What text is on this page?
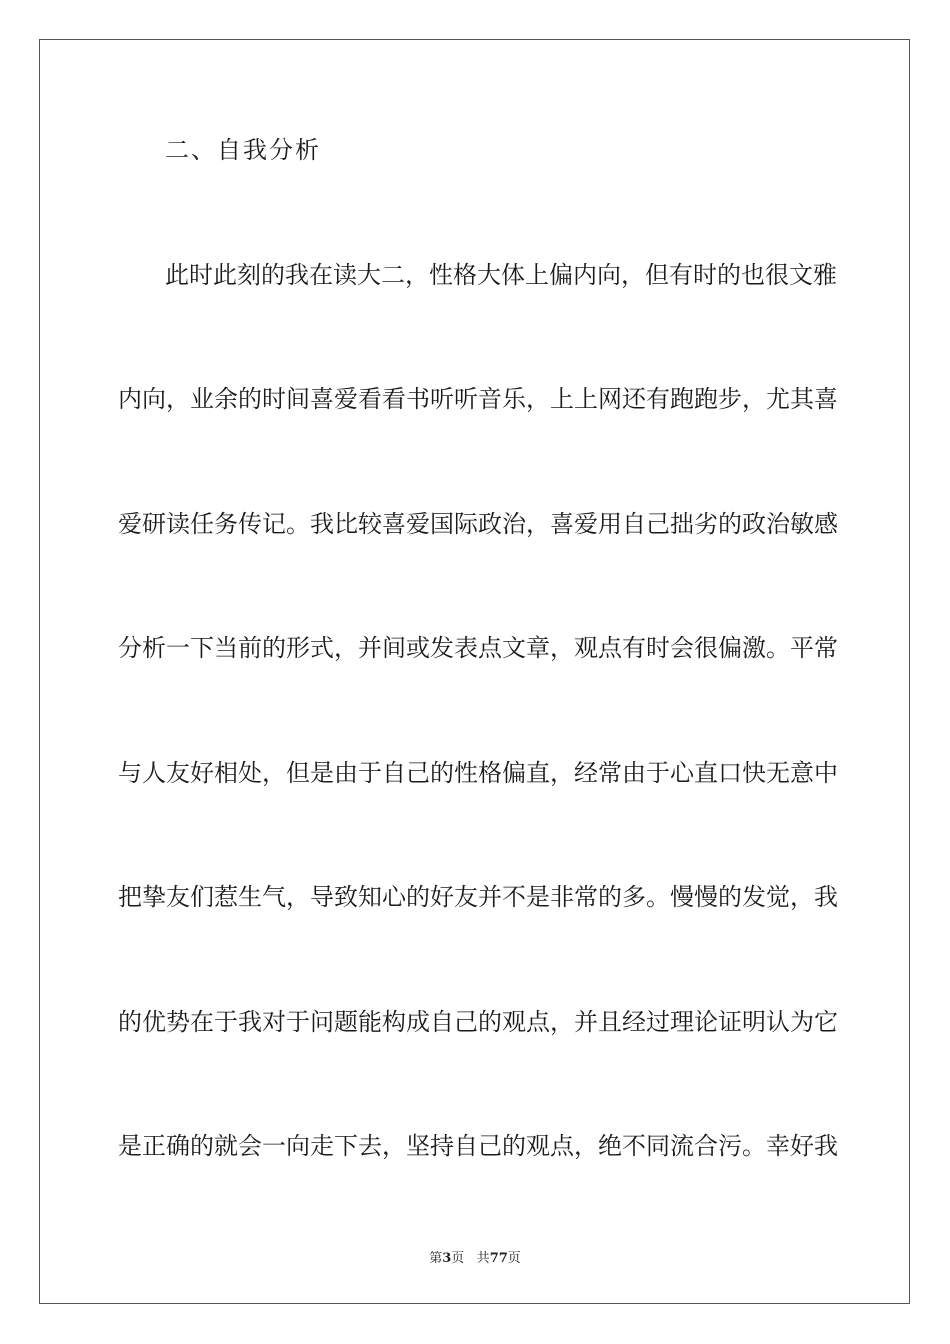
二、自我分析
此时此刻的我在读大二，性格大体上偏内向，但有时的也很文雅
内向，业余的时间喜爱看看书听听音乐，上上网还有跑跑步，尤其喜
爱研读任务传记。我比较喜爱国际政治，喜爱用自己拙劣的政治敏感
分析一下当前的形式，并间或发表点文章，观点有时会很偏激。平常
与人友好相处，但是由于自己的性格偏直，经常由于心直口快无意中
把挚友们惹生气，导致知心的好友并不是非常的多。慢慢的发觉，我
的优势在于我对于问题能构成自己的观点，并且经过理论证明认为它
是正确的就会一向走下去，坚持自己的观点，绝不同流合污。幸好我
第3页 共77页
